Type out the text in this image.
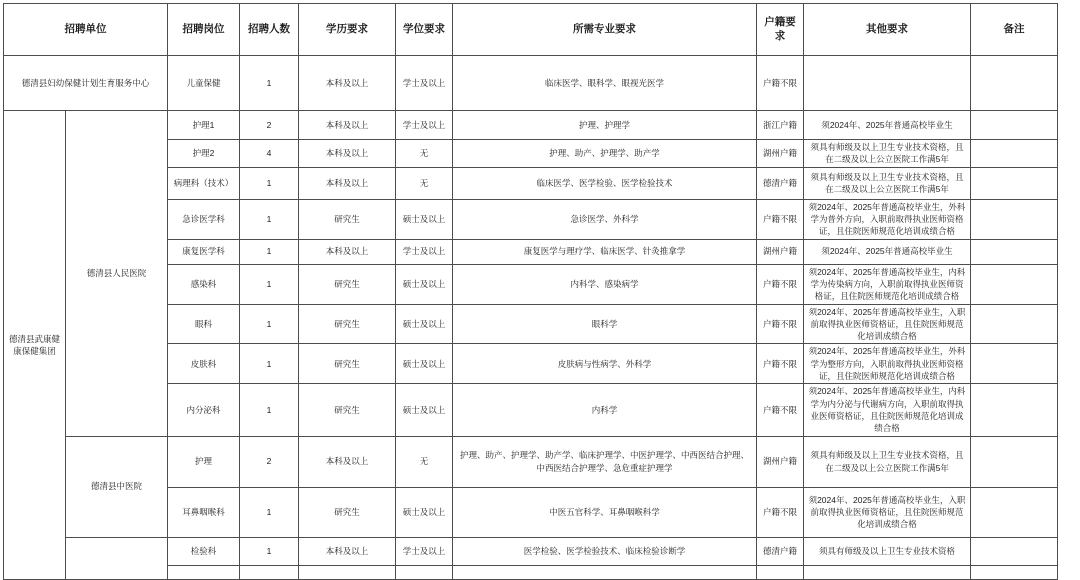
招聘单位		招聘岗位	招聘人数	学历要求	学位要求	所需专业要求	户籍要求	其他要求	备注
德清县妇幼保健计划生育服务中心		儿童保健	1	本科及以上	学士及以上	临床医学、眼科学、眼视光医学	户籍不限		
德清县武康健康保健集团	德清县人民医院	护理1	2	本科及以上	学士及以上	护理、护理学	浙江户籍	须2024年、2025年普通高校毕业生	
		护理2	4	本科及以上	无	护理、助产、护理学、助产学	湖州户籍	须具有师级及以上卫生专业技术资格，且在二级及以上公立医院工作满5年	
		病理科（技术）	1	本科及以上	无	临床医学、医学检验、医学检验技术	德清户籍	须具有师级及以上卫生专业技术资格，且在二级及以上公立医院工作满5年	
		急诊医学科	1	研究生	硕士及以上	急诊医学、外科学	户籍不限	须2024年、2025年普通高校毕业生，外科学为普外方向，入职前取得执业医师资格证，且住院医师规范化培训成绩合格	
		康复医学科	1	本科及以上	学士及以上	康复医学与理疗学、临床医学、针灸推拿学	湖州户籍	须2024年、2025年普通高校毕业生	
		感染科	1	研究生	硕士及以上	内科学、感染病学	户籍不限	须2024年、2025年普通高校毕业生，内科学为传染病方向，入职前取得执业医师资格证，且住院医师规范化培训成绩合格	
		眼科	1	研究生	硕士及以上	眼科学	户籍不限	须2024年、2025年普通高校毕业生，入职前取得执业医师资格证，且住院医师规范化培训成绩合格	
		皮肤科	1	研究生	硕士及以上	皮肤病与性病学、外科学	户籍不限	须2024年、2025年普通高校毕业生，外科学为整形方向，入职前取得执业医师资格证，且住院医师规范化培训成绩合格	
		内分泌科	1	研究生	硕士及以上	内科学	户籍不限	须2024年、2025年普通高校毕业生，内科学为内分泌与代谢病方向，入职前取得执业医师资格证，且住院医师规范化培训成绩合格	
	德清县中医院	护理	2	本科及以上	无	护理、助产、护理学、助产学、临床护理学、中医护理学、中西医结合护理、中西医结合护理学、急危重症护理学	湖州户籍	须具有师级及以上卫生专业技术资格，且在二级及以上公立医院工作满5年	
		耳鼻咽喉科	1	研究生	硕士及以上	中医五官科学、耳鼻咽喉科学	户籍不限	须2024年、2025年普通高校毕业生，入职前取得执业医师资格证，且住院医师规范化培训成绩合格	
		检验科	1	本科及以上	学士及以上	医学检验、医学检验技术、临床检验诊断学	德清户籍	须具有师级及以上卫生专业技术资格	
